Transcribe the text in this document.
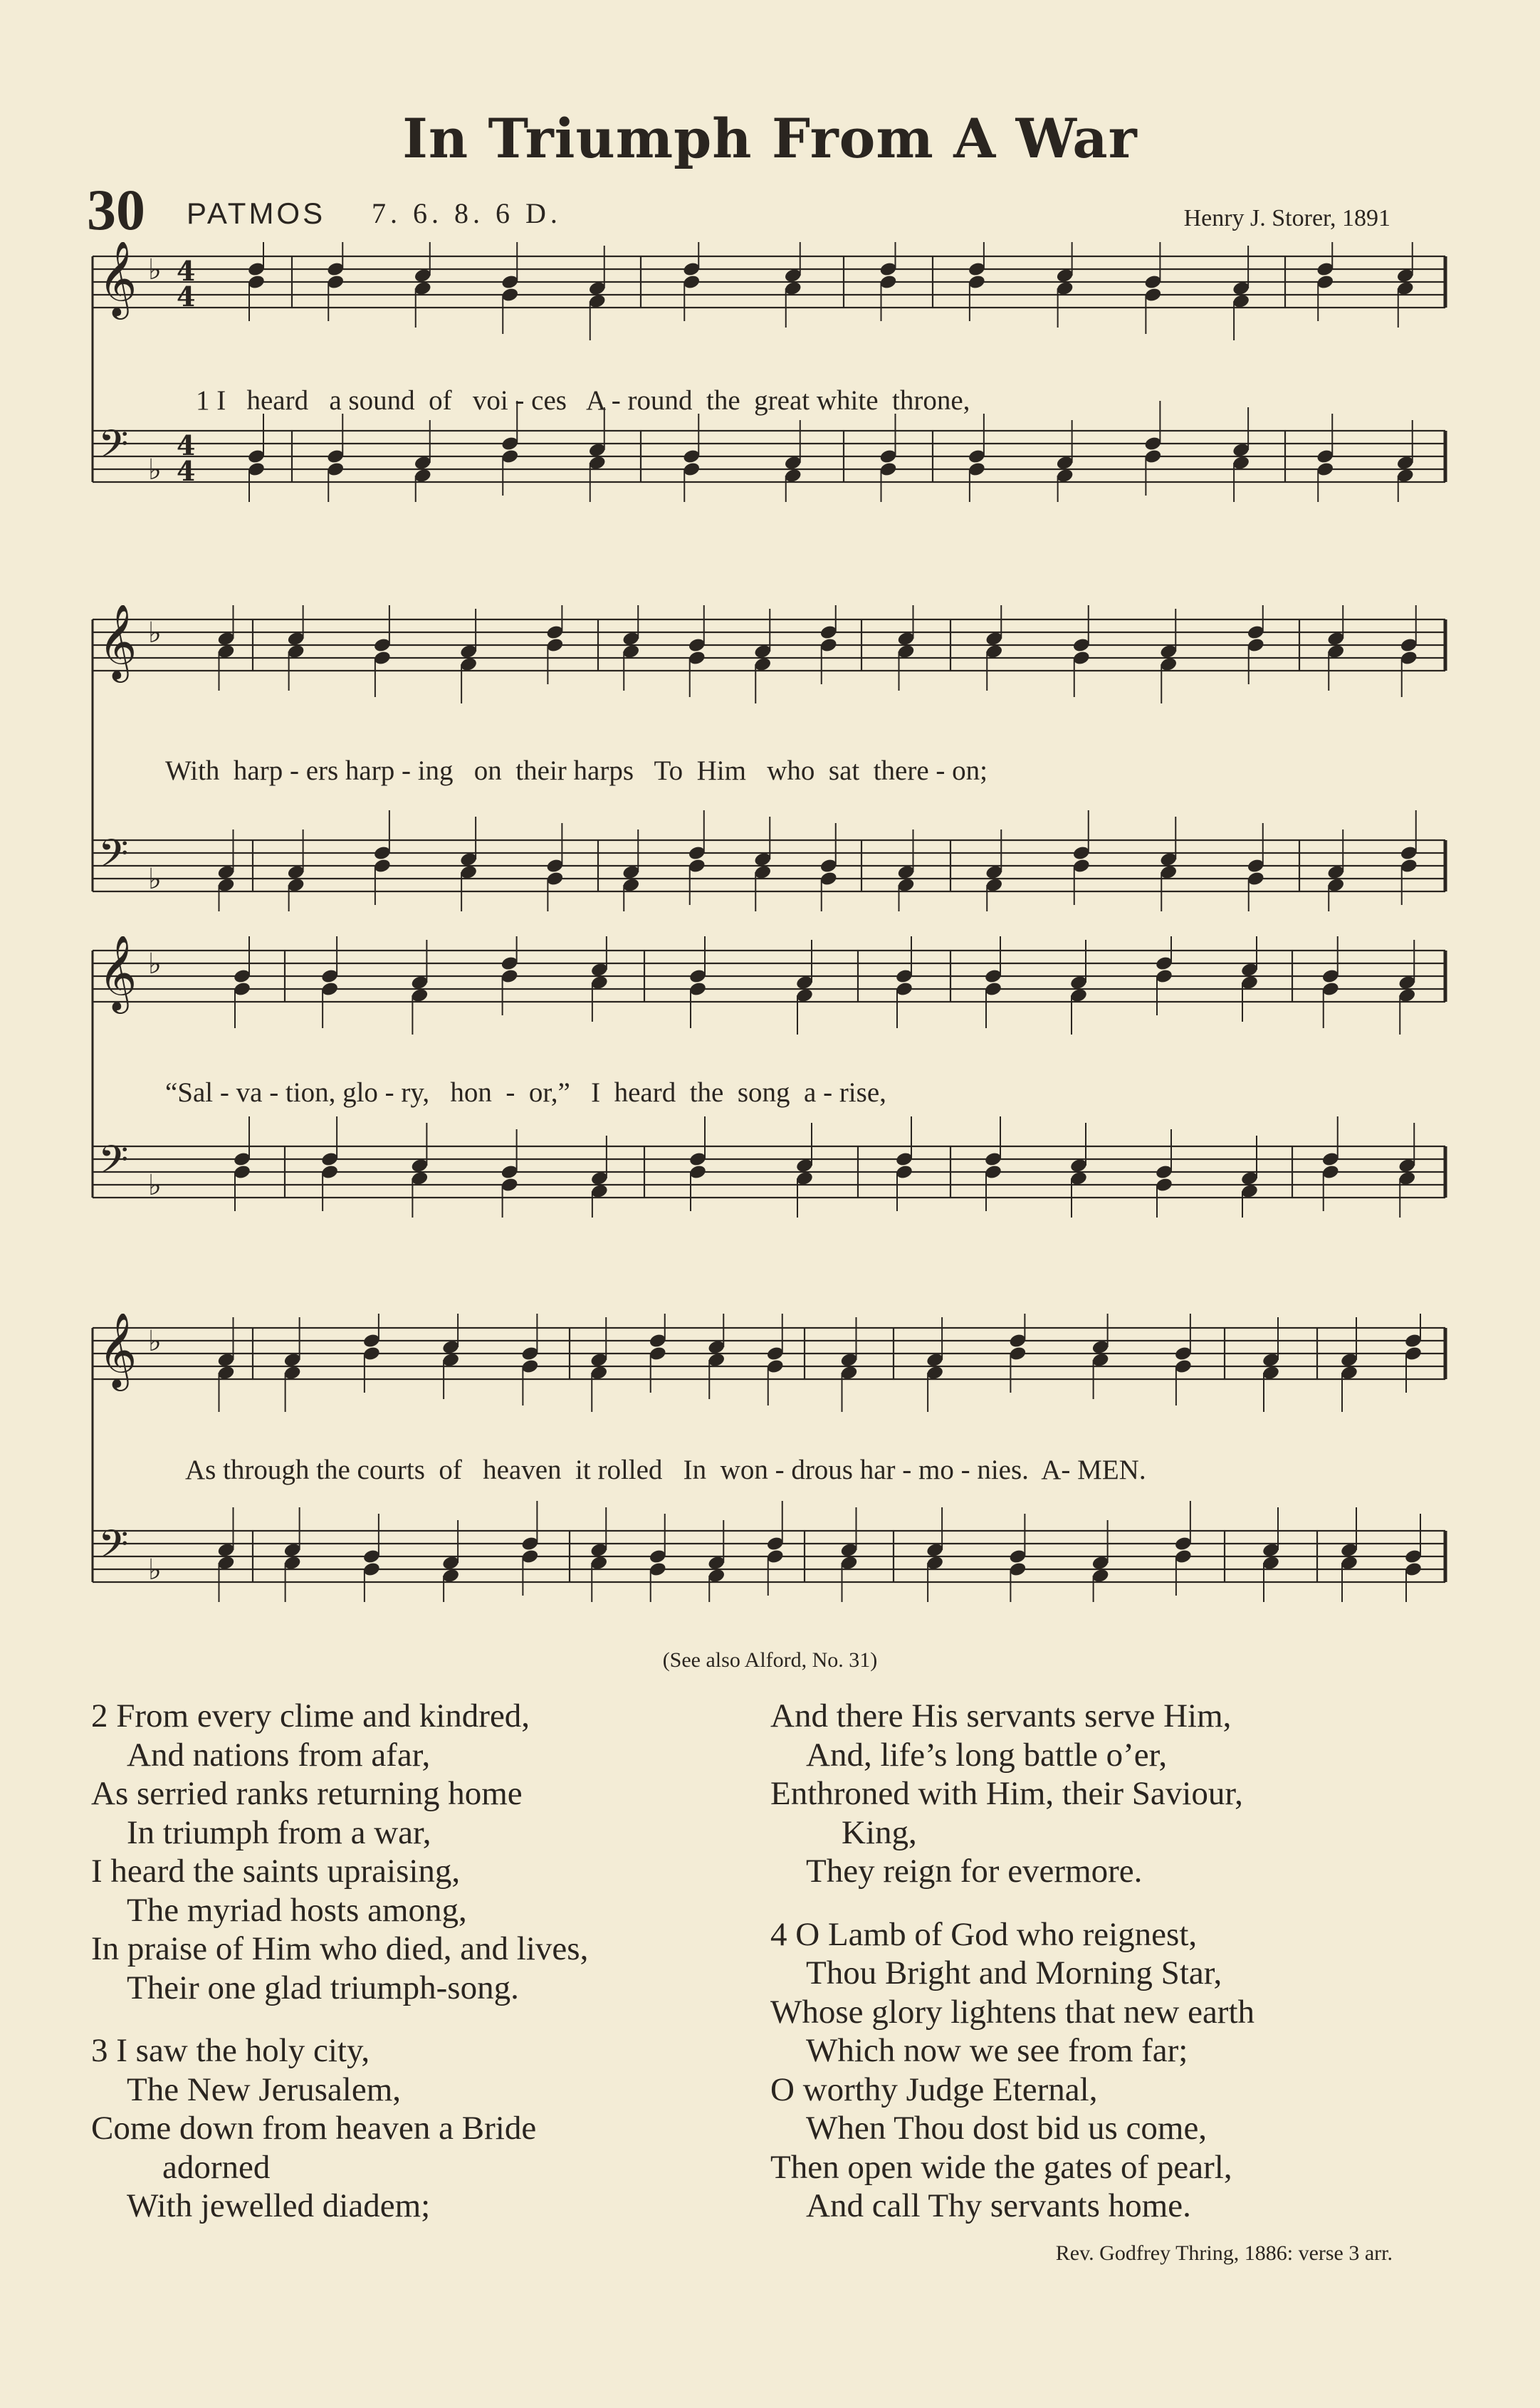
In Triumph From A War
30 PATMOS 7. 6. 8. 6 D.	Henry J. Storer, 1891
𝄞 ♭ 4
4
𝄢 ♭
4
4
1 I   heard   a sound  of   voi - ces   A - round  the  great white  throne,
𝄞 ♭
𝄢 ♭
With  harp - ers harp - ing   on  their harps   To  Him   who  sat  there - on;
𝄞 ♭
𝄢 ♭
“Sal - va - tion, glo - ry,   hon  -  or,”   I  heard  the  song  a - rise,
𝄞 ♭
𝄢 ♭
As through the courts  of   heaven  it rolled   In  won - drous har - mo - nies.  A- MEN.
(See also Alford, No. 31)
2 From every clime and kindred,
And nations from afar,
As serried ranks returning home
In triumph from a war,
I heard the saints upraising,
The myriad hosts among,
In praise of Him who died, and lives,
Their one glad triumph-song.
3 I saw the holy city,
The New Jerusalem,
Come down from heaven a Bride
adorned
With jewelled diadem;
And there His servants serve Him,
And, life’s long battle o’er,
Enthroned with Him, their Saviour,
King,
They reign for evermore.
4 O Lamb of God who reignest,
Thou Bright and Morning Star,
Whose glory lightens that new earth
Which now we see from far;
O worthy Judge Eternal,
When Thou dost bid us come,
Then open wide the gates of pearl,
And call Thy servants home.
Rev. Godfrey Thring, 1886: verse 3 arr.
